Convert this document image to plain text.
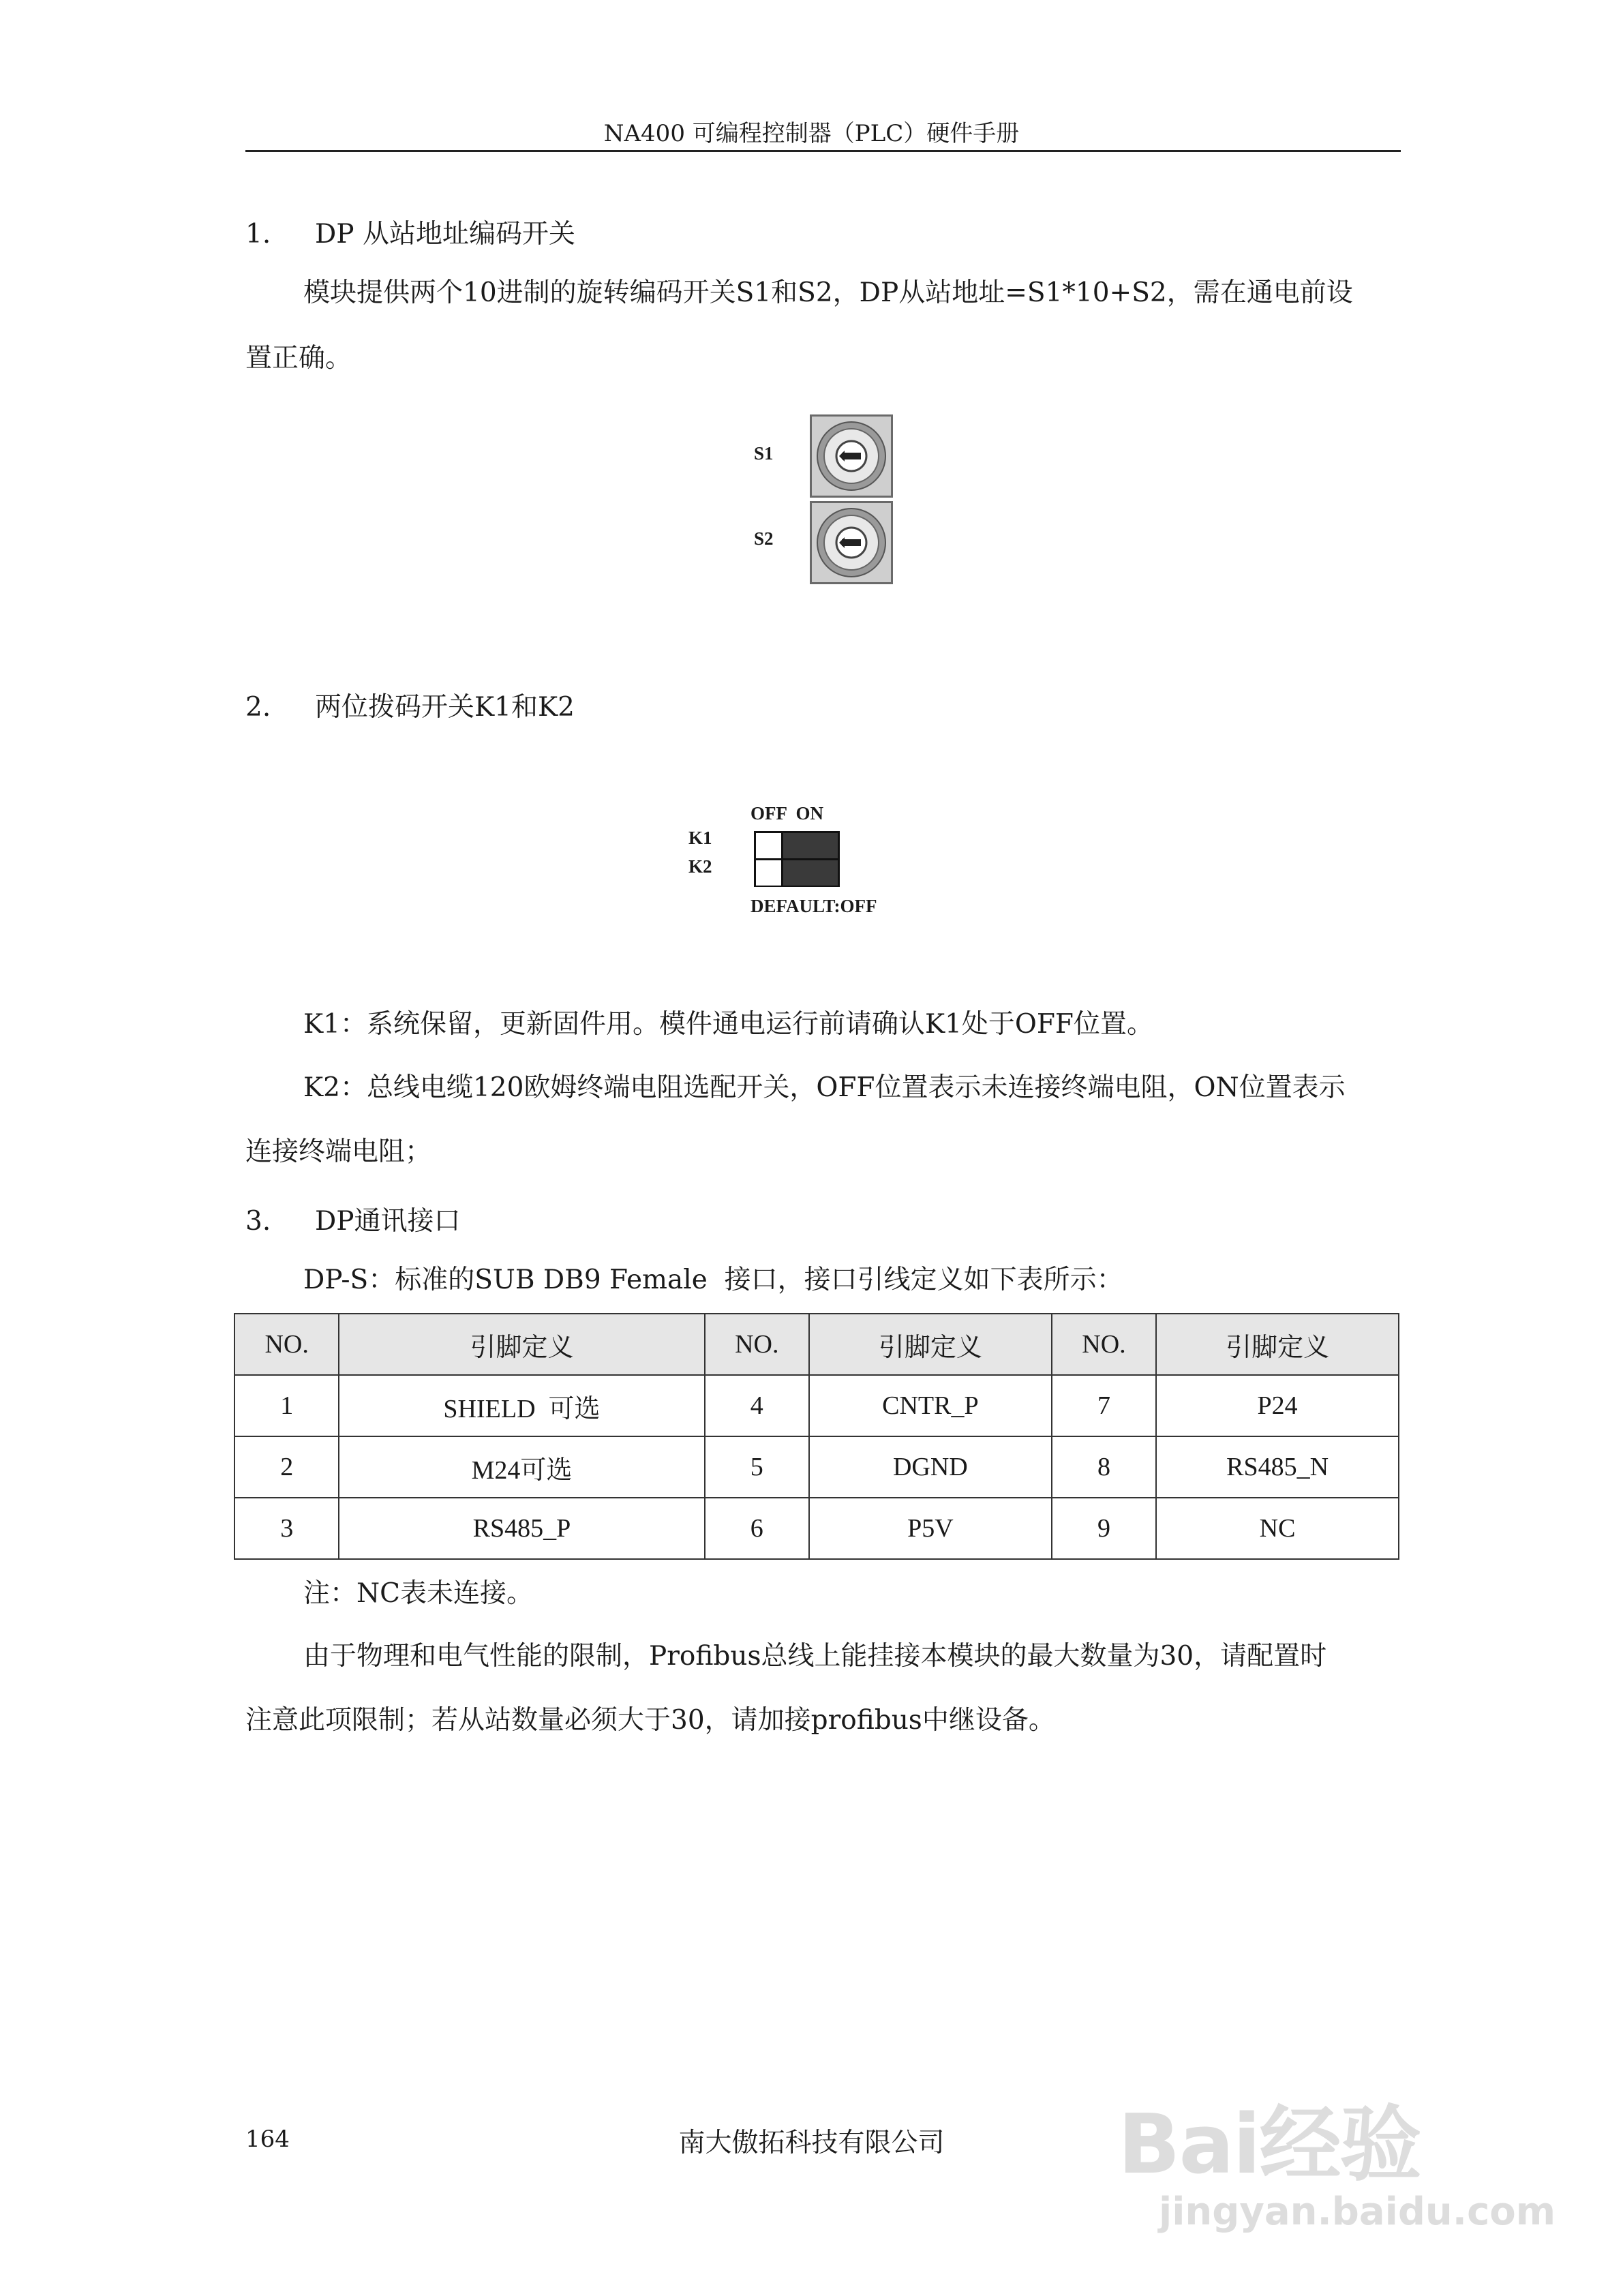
NA400 可编程控制器（PLC）硬件手册
1. DP 从站地址编码开关
模块提供两个10进制的旋转编码开关S1和S2，DP从站地址=S1*10+S2，需在通电前设
置正确。
S1
S2
2. 两位拨码开关K1和K2
OFF  ON
K1
K2
DEFAULT:OFF
K1：系统保留，更新固件用。模件通电运行前请确认K1处于OFF位置。
K2：总线电缆120欧姆终端电阻选配开关，OFF位置表示未连接终端电阻，ON位置表示
连接终端电阻；
3. DP通讯接口
DP-S：标准的SUB DB9 Female  接口，接口引线定义如下表所示：
NO.	引脚定义	NO.	引脚定义	NO.	引脚定义
1	SHIELD  可选	4	CNTR_P	7	P24
2	M24可选	5	DGND	8	RS485_N
3	RS485_P	6	P5V	9	NC
注：NC表未连接。
由于物理和电气性能的限制，Profibus总线上能挂接本模块的最大数量为30，请配置时
注意此项限制；若从站数量必须大于30，请加接profibus中继设备。
164	南大傲拓科技有限公司	Bai经验
jingyan.baidu.com
